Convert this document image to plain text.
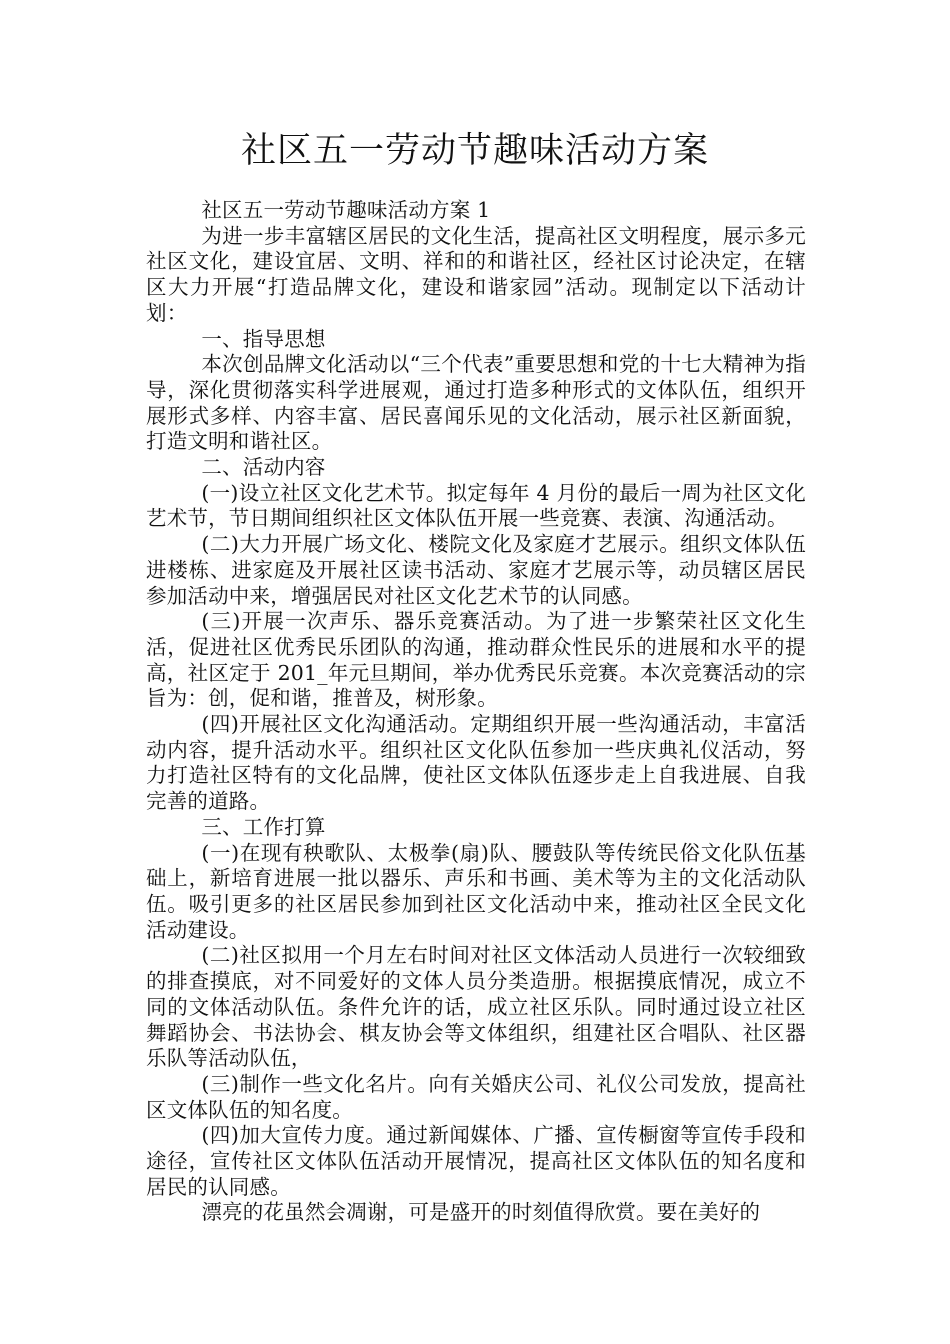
社区五一劳动节趣味活动方案

社区五一劳动节趣味活动方案 1

为进一步丰富辖区居民的文化生活，提高社区文明程度，展示多元社区文化，建设宜居、文明、祥和的和谐社区，经社区讨论决定，在辖区大力开展“打造品牌文化，建设和谐家园”活动。现制定以下活动计划：

一、指导思想

本次创品牌文化活动以“三个代表”重要思想和党的十七大精神为指导，深化贯彻落实科学进展观，通过打造多种形式的文体队伍，组织开展形式多样、内容丰富、居民喜闻乐见的文化活动，展示社区新面貌，打造文明和谐社区。

二、活动内容

(一)设立社区文化艺术节。拟定每年 4 月份的最后一周为社区文化艺术节，节日期间组织社区文体队伍开展一些竞赛、表演、沟通活动。

(二)大力开展广场文化、楼院文化及家庭才艺展示。组织文体队伍进楼栋、进家庭及开展社区读书活动、家庭才艺展示等，动员辖区居民参加活动中来，增强居民对社区文化艺术节的认同感。

(三)开展一次声乐、器乐竞赛活动。为了进一步繁荣社区文化生活，促进社区优秀民乐团队的沟通，推动群众性民乐的进展和水平的提高，社区定于 201_年元旦期间，举办优秀民乐竞赛。本次竞赛活动的宗旨为：创，促和谐，推普及，树形象。

(四)开展社区文化沟通活动。定期组织开展一些沟通活动，丰富活动内容，提升活动水平。组织社区文化队伍参加一些庆典礼仪活动，努力打造社区特有的文化品牌，使社区文体队伍逐步走上自我进展、自我完善的道路。

三、工作打算

(一)在现有秧歌队、太极拳(扇)队、腰鼓队等传统民俗文化队伍基础上，新培育进展一批以器乐、声乐和书画、美术等为主的文化活动队伍。吸引更多的社区居民参加到社区文化活动中来，推动社区全民文化活动建设。

(二)社区拟用一个月左右时间对社区文体活动人员进行一次较细致的排查摸底，对不同爱好的文体人员分类造册。根据摸底情况，成立不同的文体活动队伍。条件允许的话，成立社区乐队。同时通过设立社区舞蹈协会、书法协会、棋友协会等文体组织，组建社区合唱队、社区器乐队等活动队伍，

(三)制作一些文化名片。向有关婚庆公司、礼仪公司发放，提高社区文体队伍的知名度。

(四)加大宣传力度。通过新闻媒体、广播、宣传橱窗等宣传手段和途径，宣传社区文体队伍活动开展情况，提高社区文体队伍的知名度和居民的认同感。

漂亮的花虽然会凋谢，可是盛开的时刻值得欣赏。要在美好的
